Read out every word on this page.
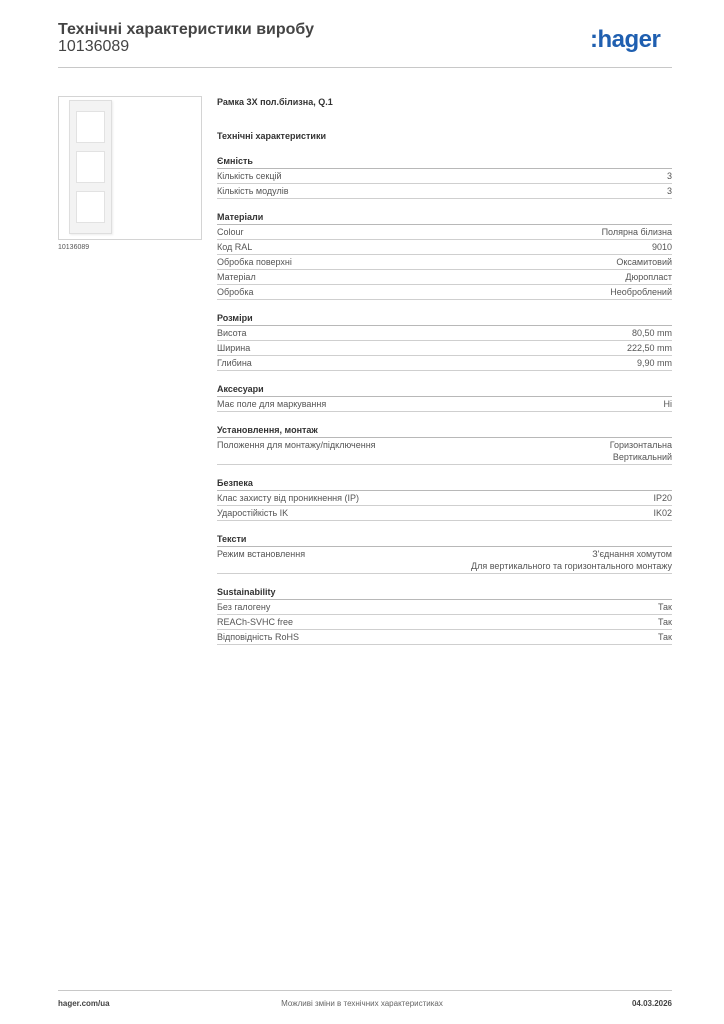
Технічні характеристики виробу
10136089	:hager
10136089
Рамка 3X пол.білизна, Q.1
Технічні характеристики
Ємність
Кількість секцій	3
Кількість модулів	3
Матеріали
Colour	Полярна білизна
Код RAL	9010
Обробка поверхні	Оксамитовий
Матеріал	Дюропласт
Обробка	Необроблений
Розміри
Висота	80,50 mm
Ширина	222,50 mm
Глибина	9,90 mm
Аксесуари
Має поле для маркування	Ні
Установлення, монтаж
Положення для монтажу/підключення	Горизонтальна
Вертикальний
Безпека
Клас захисту від проникнення (IP)	IP20
Ударостійкість IK	IK02
Тексти
Режим встановлення	З'єднання хомутом
Для вертикального та горизонтального монтажу
Sustainability
Без галогену	Так
REACh-SVHC free	Так
Відповідність RoHS	Так
hager.com/ua	Можливі зміни в технічних характеристиках	04.03.2026
